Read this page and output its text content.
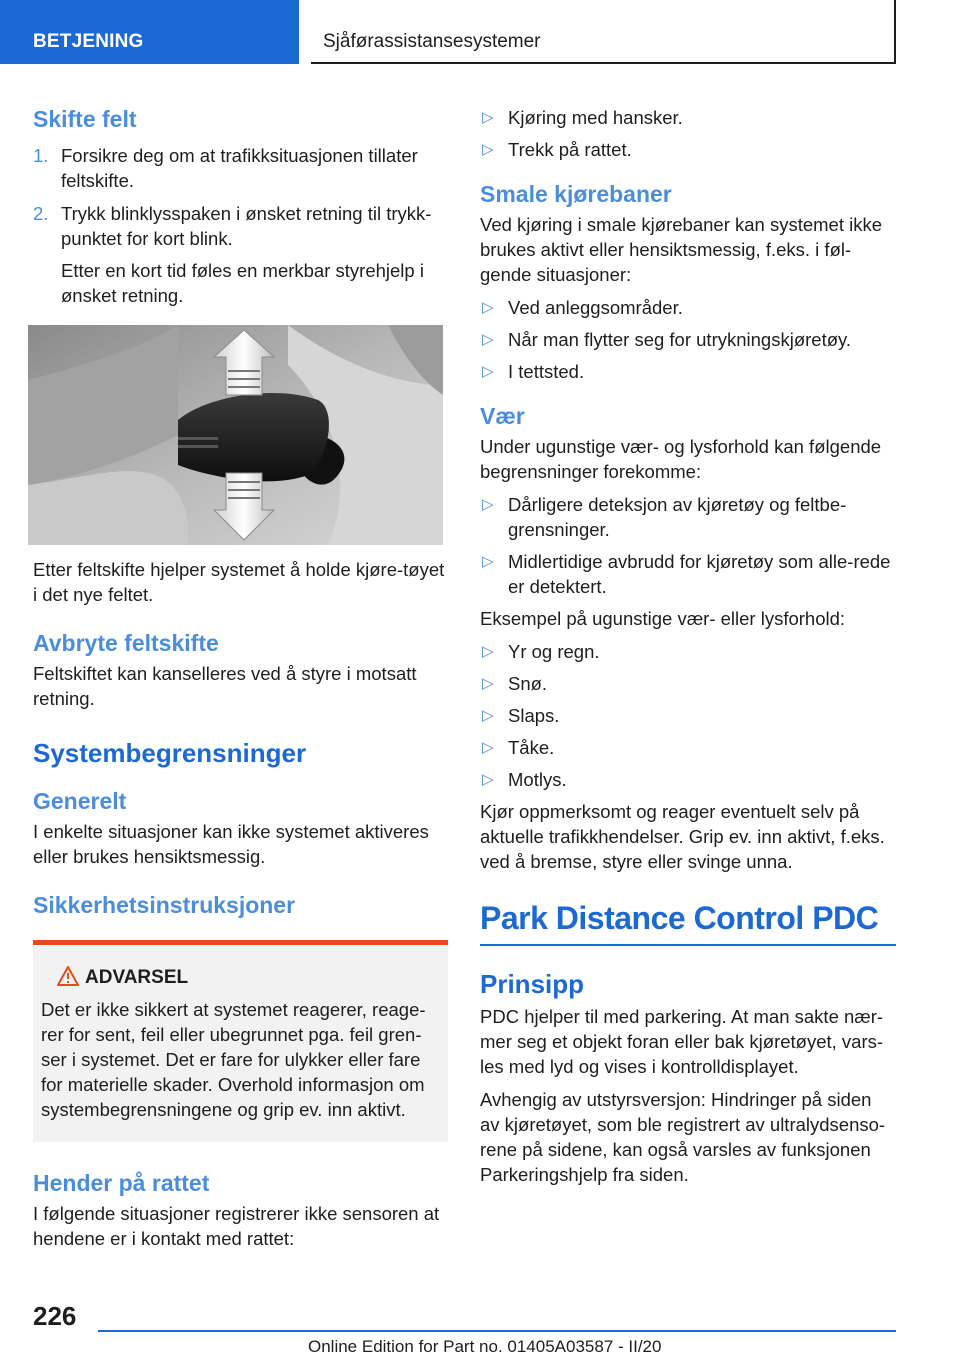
BETJENING	Sjåførassistansesystemer
Skifte felt
1. Forsikre deg om at trafikksituasjonen tillater feltskifte.
2. Trykk blinklysspaken i ønsket retning til trykk-punktet for kort blink.
Etter en kort tid føles en merkbar styrehjelp i ønsket retning.

Etter feltskifte hjelper systemet å holde kjøre-tøyet i det nye feltet.

Avbryte feltskifte

Feltskiftet kan kanselleres ved å styre i motsatt retning.

Systembegrensninger
Generelt

I enkelte situasjoner kan ikke systemet aktiveres eller brukes hensiktsmessig.

Sikkerhetsinstruksjoner
ADVARSEL

Det er ikke sikkert at systemet reagerer, reage-rer for sent, feil eller ubegrunnet pga. feil gren-ser i systemet. Det er fare for ulykker eller fare for materielle skader. Overhold informasjon om systembegrensningene og grip ev. inn aktivt.

Hender på rattet

I følgende situasjoner registrerer ikke sensoren at hendene er i kontakt med rattet:

▷ Kjøring med hansker.
▷ Trekk på rattet.
Smale kjørebaner

Ved kjøring i smale kjørebaner kan systemet ikke brukes aktivt eller hensiktsmessig, f.eks. i føl-gende situasjoner:

▷ Ved anleggsområder.
▷ Når man flytter seg for utrykningskjøretøy.
▷ I tettsted.
Vær

Under ugunstige vær- og lysforhold kan følgende begrensninger forekomme:

▷ Dårligere deteksjon av kjøretøy og feltbe-grensninger.
▷ Midlertidige avbrudd for kjøretøy som alle-rede er detektert.

Eksempel på ugunstige vær- eller lysforhold:

▷ Yr og regn.
▷ Snø.
▷ Slaps.
▷ Tåke.
▷ Motlys.

Kjør oppmerksomt og reager eventuelt selv på aktuelle trafikkhendelser. Grip ev. inn aktivt, f.eks. ved å bremse, styre eller svinge unna.

Park Distance Control PDC
Prinsipp

PDC hjelper til med parkering. At man sakte nær-mer seg et objekt foran eller bak kjøretøyet, vars-les med lyd og vises i kontrolldisplayet.

Avhengig av utstyrsversjon: Hindringer på siden av kjøretøyet, som ble registrert av ultralydsenso-rene på sidene, kan også varsles av funksjonen Parkeringshjelp fra siden.

226
Online Edition for Part no. 01405A03587 - II/20
